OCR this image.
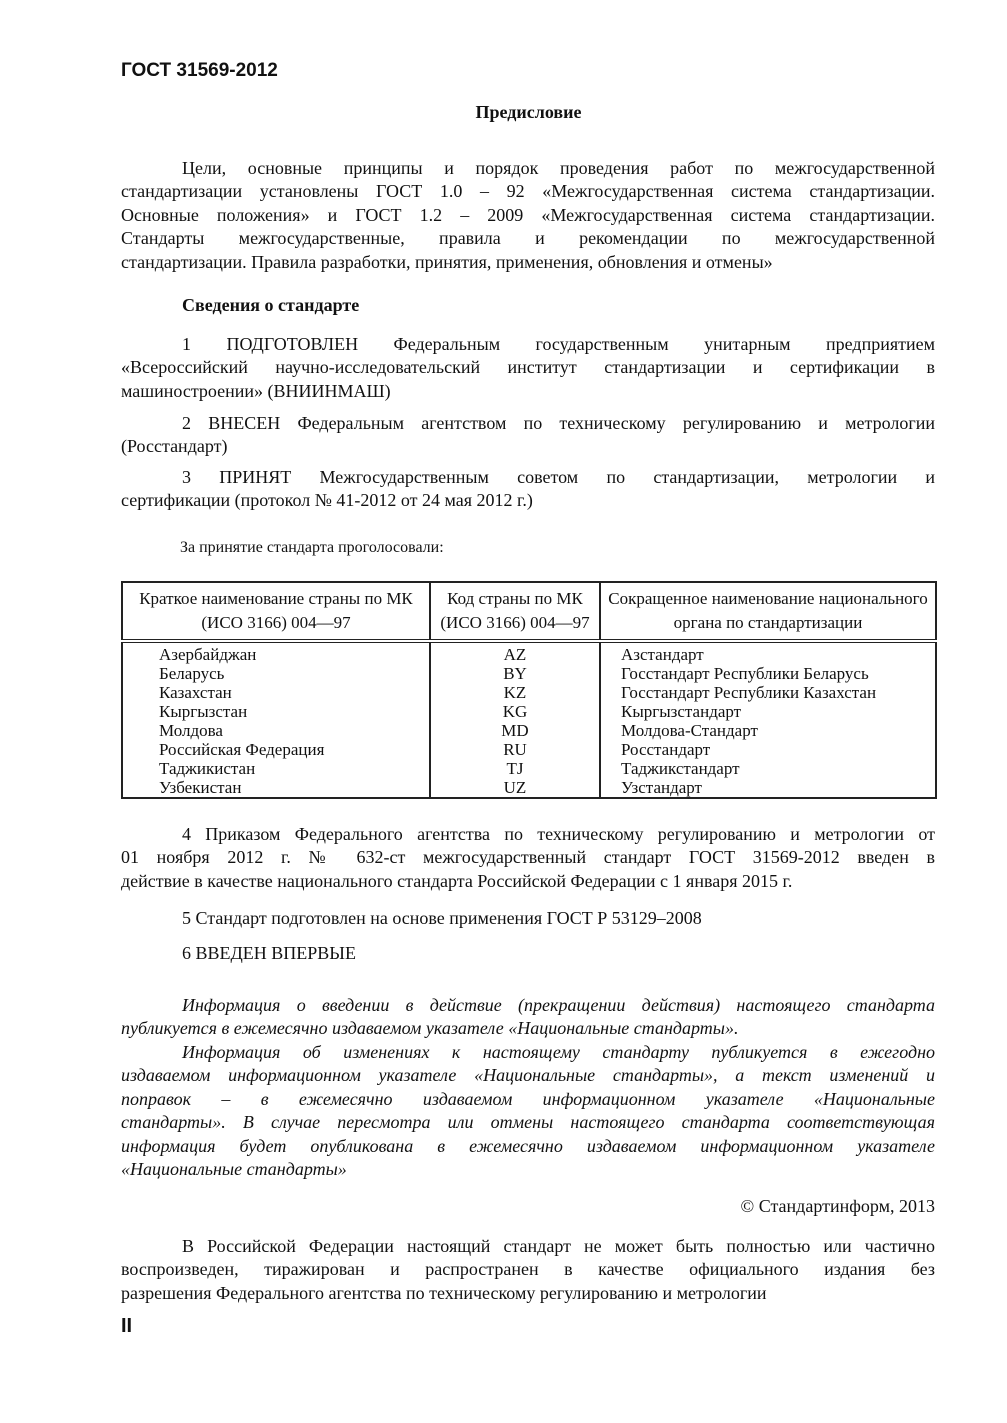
ГОСТ 31569-2012
Предисловие
Цели, основные принципы и порядок проведения работ по межгосударственной
стандартизации установлены ГОСТ 1.0 – 92 «Межгосударственная система стандартизации.
Основные положения» и ГОСТ 1.2 – 2009 «Межгосударственная система стандартизации.
Стандарты межгосударственные, правила и рекомендации по межгосударственной
стандартизации. Правила разработки, принятия, применения, обновления и отмены»
Сведения о стандарте
1 ПОДГОТОВЛЕН Федеральным государственным унитарным предприятием
«Всероссийский научно-исследовательский институт стандартизации и сертификации в
машиностроении» (ВНИИНМАШ)
2 ВНЕСЕН Федеральным агентством по техническому регулированию и метрологии
(Росстандарт)
3 ПРИНЯТ Межгосударственным советом по стандартизации, метрологии и
сертификации (протокол № 41-2012 от 24 мая 2012 г.)
За принятие стандарта проголосовали:
Краткое наименование страны по МК (ИСО 3166) 004—97	Код страны по МК (ИСО 3166) 004—97	Сокращенное наименование национального органа по стандартизации
Азербайджан	AZ	Азстандарт
Беларусь	BY	Госстандарт Республики Беларусь
Казахстан	KZ	Госстандарт Республики Казахстан
Кыргызстан	KG	Кыргызстандарт
Молдова	MD	Молдова-Стандарт
Российская Федерация	RU	Росстандарт
Таджикистан	TJ	Таджикстандарт
Узбекистан	UZ	Узстандарт
4 Приказом Федерального агентства по техническому регулированию и метрологии от
01 ноября 2012 г. № 632-ст межгосударственный стандарт ГОСТ 31569-2012 введен в
действие в качестве национального стандарта Российской Федерации с 1 января 2015 г.
5 Стандарт подготовлен на основе применения ГОСТ Р 53129–2008
6 ВВЕДЕН ВПЕРВЫЕ
Информация о введении в действие (прекращении действия) настоящего стандарта
публикуется в ежемесячно издаваемом указателе «Национальные стандарты».
Информация об изменениях к настоящему стандарту публикуется в ежегодно
издаваемом информационном указателе «Национальные стандарты», а текст изменений и
поправок – в ежемесячно издаваемом информационном указателе «Национальные
стандарты». В случае пересмотра или отмены настоящего стандарта соответствующая
информация будет опубликована в ежемесячно издаваемом информационном указателе
«Национальные стандарты»
© Стандартинформ, 2013
В Российской Федерации настоящий стандарт не может быть полностью или частично
воспроизведен, тиражирован и распространен в качестве официального издания без
разрешения Федерального агентства по техническому регулированию и метрологии
II
